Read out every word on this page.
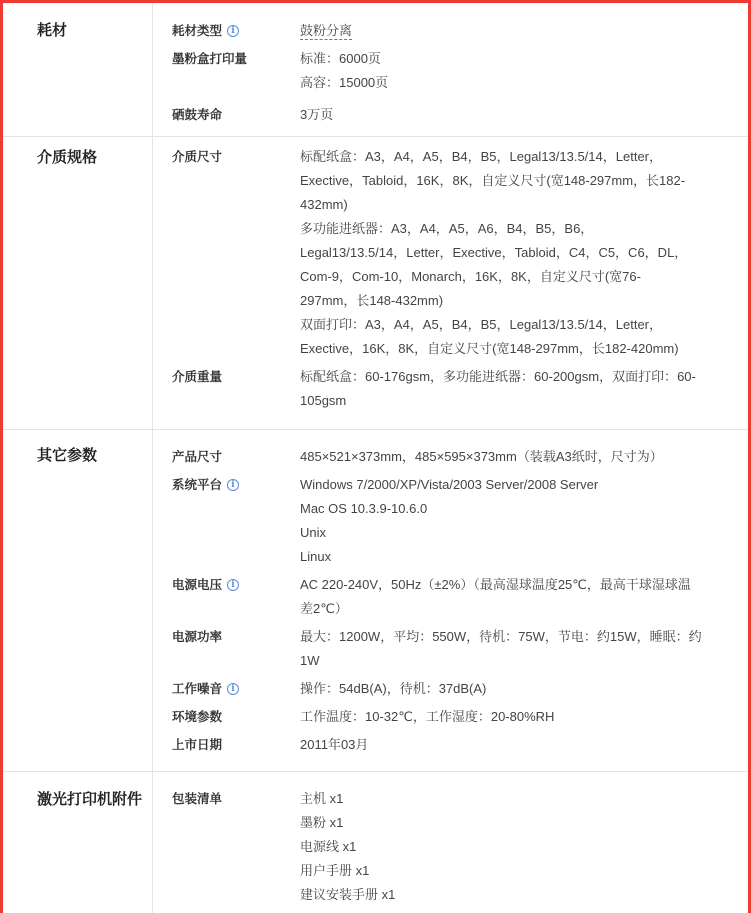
耗材	耗材类型	i	鼓粉分离
墨粉盒打印量	标准：6000页
高容：15000页
硒鼓寿命	3万页
介质规格	介质尺寸	标配纸盒：A3，A4，A5，B4，B5，Legal13/13.5/14，Letter，
Exective，Tabloid，16K，8K，自定义尺寸(宽148-297mm，长182-
432mm)
多功能进纸器：A3，A4，A5，A6，B4，B5，B6，
Legal13/13.5/14，Letter，Exective，Tabloid，C4，C5，C6，DL，
Com-9，Com-10，Monarch，16K，8K，自定义尺寸(宽76-
297mm，长148-432mm)
双面打印：A3，A4，A5，B4，B5，Legal13/13.5/14，Letter，
Exective，16K，8K，自定义尺寸(宽148-297mm，长182-420mm)
介质重量	标配纸盒：60-176gsm，多功能进纸器：60-200gsm，双面打印：60-
105gsm
其它参数	产品尺寸	485×521×373mm，485×595×373mm（装载A3纸时，尺寸为）
系统平台	i	Windows 7/2000/XP/Vista/2003 Server/2008 Server
Mac OS 10.3.9-10.6.0
Unix
Linux
电源电压	i	AC 220-240V，50Hz（±2%）（最高湿球温度25℃，最高干球湿球温
差2℃）
电源功率	最大：1200W，平均：550W，待机：75W，节电：约15W，睡眠：约
1W
工作噪音	i	操作：54dB(A)，待机：37dB(A)
环境参数	工作温度：10-32℃，工作湿度：20-80%RH
上市日期	2011年03月
激光打印机附件	包装清单	主机 x1
墨粉 x1
电源线 x1
用户手册 x1
建议安装手册 x1
